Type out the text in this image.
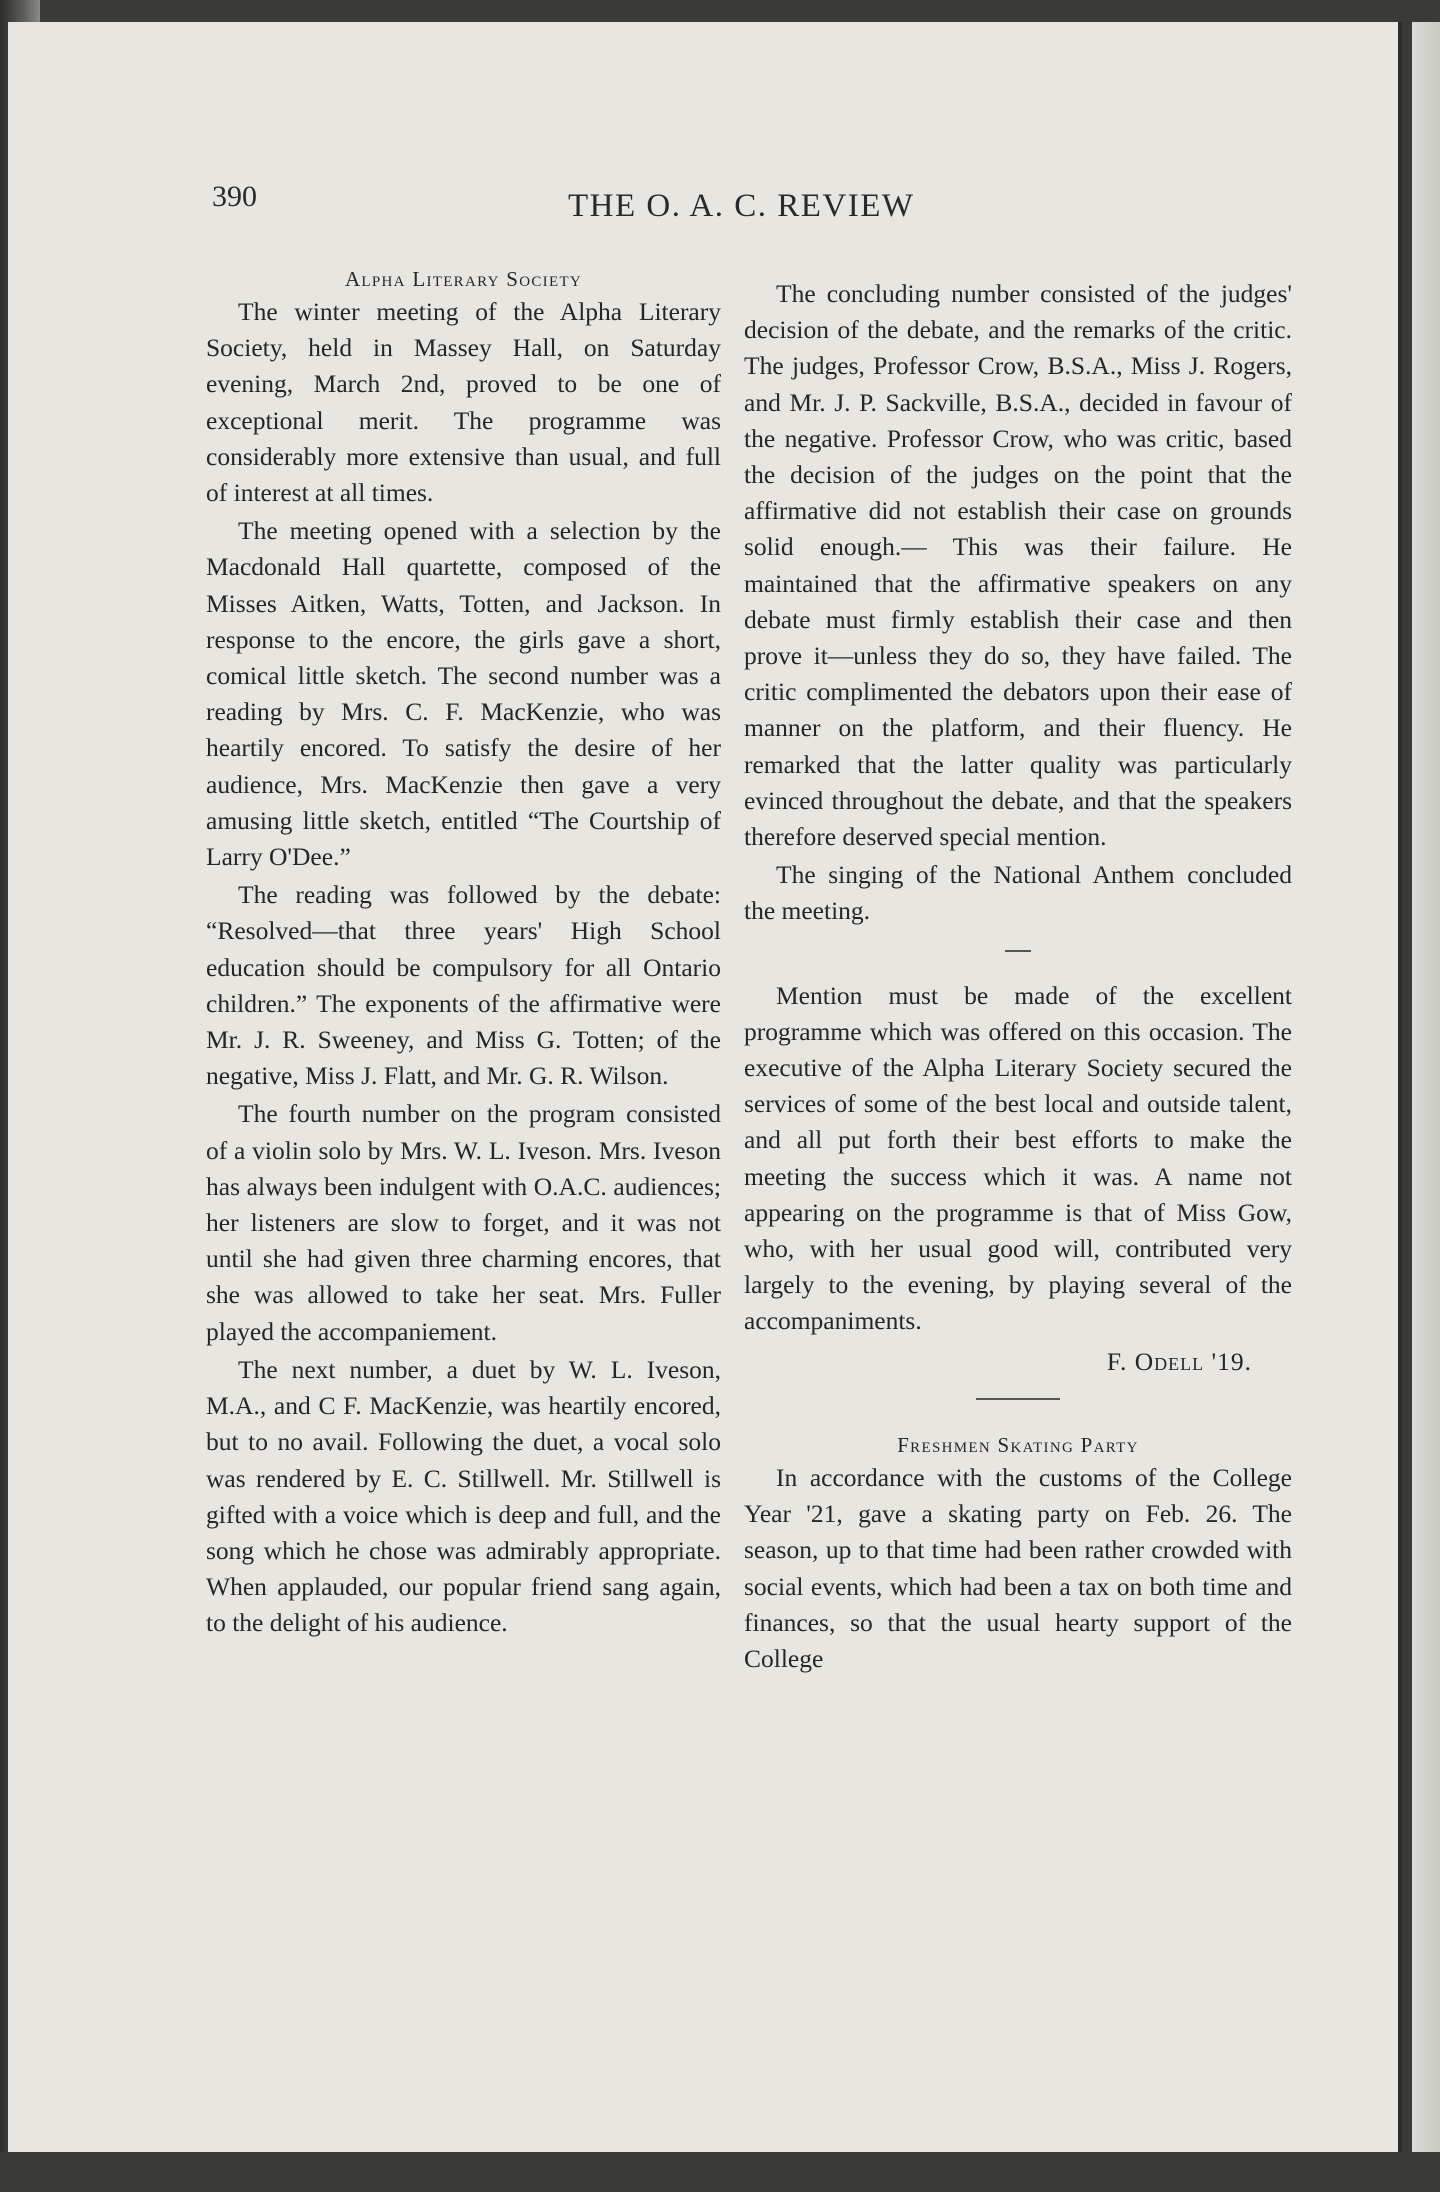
390	THE O. A. C. REVIEW
Alpha Literary Society

The winter meeting of the Alpha Literary Society, held in Massey Hall, on Saturday evening, March 2nd, proved to be one of exceptional merit. The programme was considerably more extensive than usual, and full of interest at all times.

The meeting opened with a selection by the Macdonald Hall quartette, composed of the Misses Aitken, Watts, Totten, and Jackson. In response to the encore, the girls gave a short, comical little sketch. The second number was a reading by Mrs. C. F. MacKenzie, who was heartily encored. To satisfy the desire of her audience, Mrs. MacKenzie then gave a very amusing little sketch, entitled “The Courtship of Larry O'Dee.”

The reading was followed by the debate: “Resolved—that three years' High School education should be compulsory for all Ontario children.” The exponents of the affirmative were Mr. J. R. Sweeney, and Miss G. Totten; of the negative, Miss J. Flatt, and Mr. G. R. Wilson.

The fourth number on the program consisted of a violin solo by Mrs. W. L. Iveson. Mrs. Iveson has always been indulgent with O.A.C. audiences; her listeners are slow to forget, and it was not until she had given three charming encores, that she was allowed to take her seat. Mrs. Fuller played the accompaniement.

The next number, a duet by W. L. Iveson, M.A., and C F. MacKenzie, was heartily encored, but to no avail. Following the duet, a vocal solo was rendered by E. C. Stillwell. Mr. Stillwell is gifted with a voice which is deep and full, and the song which he chose was admirably appropriate. When applauded, our popular friend sang again, to the delight of his audience.

The concluding number consisted of the judges' decision of the debate, and the remarks of the critic. The judges, Professor Crow, B.S.A., Miss J. Rogers, and Mr. J. P. Sackville, B.S.A., decided in favour of the negative. Professor Crow, who was critic, based the decision of the judges on the point that the affirmative did not establish their case on grounds solid enough.— This was their failure. He maintained that the affirmative speakers on any debate must firmly establish their case and then prove it—unless they do so, they have failed. The critic complimented the debators upon their ease of manner on the platform, and their fluency. He remarked that the latter quality was particularly evinced throughout the debate, and that the speakers therefore deserved special mention.

The singing of the National Anthem concluded the meeting.

Mention must be made of the excellent programme which was offered on this occasion. The executive of the Alpha Literary Society secured the services of some of the best local and outside talent, and all put forth their best efforts to make the meeting the success which it was. A name not appearing on the programme is that of Miss Gow, who, with her usual good will, contributed very largely to the evening, by playing several of the accompaniments.

F. Odell '19.
Freshmen Skating Party

In accordance with the customs of the College Year '21, gave a skating party on Feb. 26. The season, up to that time had been rather crowded with social events, which had been a tax on both time and finances, so that the usual hearty support of the College
